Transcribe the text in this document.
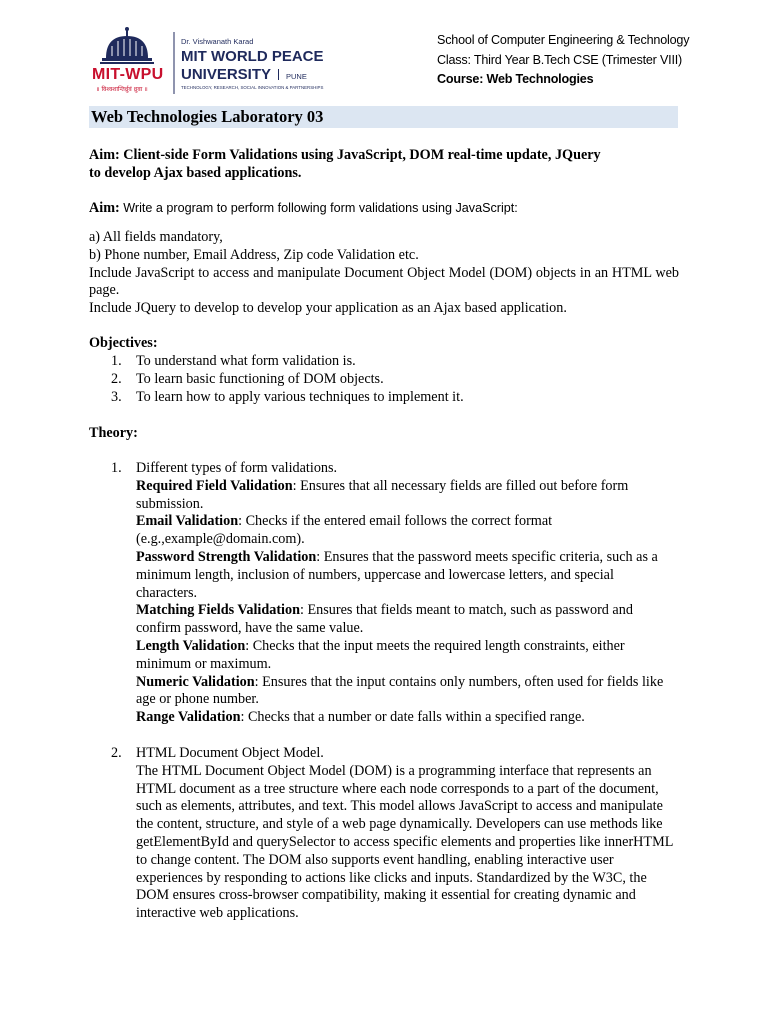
MIT-WPU
॥ विश्वशान्तिर्ध्रुवं ध्रुवा ॥
Dr. Vishwanath Karad
MIT WORLD PEACE
UNIVERSITY PUNE
TECHNOLOGY, RESEARCH, SOCIAL INNOVATION & PARTNERSHIPS
School of Computer Engineering & Technology
Class: Third Year B.Tech CSE (Trimester VIII)
Course: Web Technologies
Web Technologies Laboratory 03
Aim: Client-side Form Validations using JavaScript, DOM real-time update, JQuery
to develop Ajax based applications.
Aim: Write a program to perform following form validations using JavaScript:
a) All fields mandatory,
b) Phone number, Email Address, Zip code Validation etc.
Include JavaScript to access and manipulate Document Object Model (DOM) objects in an HTML web page.
Include JQuery to develop to develop your application as an Ajax based application.
Objectives:
1. To understand what form validation is.
2. To learn basic functioning of DOM objects.
3. To learn how to apply various techniques to implement it.
Theory:
1. Different types of form validations.
Required Field Validation: Ensures that all necessary fields are filled out before form submission.
Email Validation: Checks if the entered email follows the correct format (e.g.,example@domain.com).
Password Strength Validation: Ensures that the password meets specific criteria, such as a minimum length, inclusion of numbers, uppercase and lowercase letters, and special characters.
Matching Fields Validation: Ensures that fields meant to match, such as password and confirm password, have the same value.
Length Validation: Checks that the input meets the required length constraints, either minimum or maximum.
Numeric Validation: Ensures that the input contains only numbers, often used for fields like age or phone number.
Range Validation: Checks that a number or date falls within a specified range.
2. HTML Document Object Model.
The HTML Document Object Model (DOM) is a programming interface that represents an HTML document as a tree structure where each node corresponds to a part of the document, such as elements, attributes, and text. This model allows JavaScript to access and manipulate the content, structure, and style of a web page dynamically. Developers can use methods like getElementById and querySelector to access specific elements and properties like innerHTML to change content. The DOM also supports event handling, enabling interactive user experiences by responding to actions like clicks and inputs. Standardized by the W3C, the DOM ensures cross-browser compatibility, making it essential for creating dynamic and interactive web applications.
